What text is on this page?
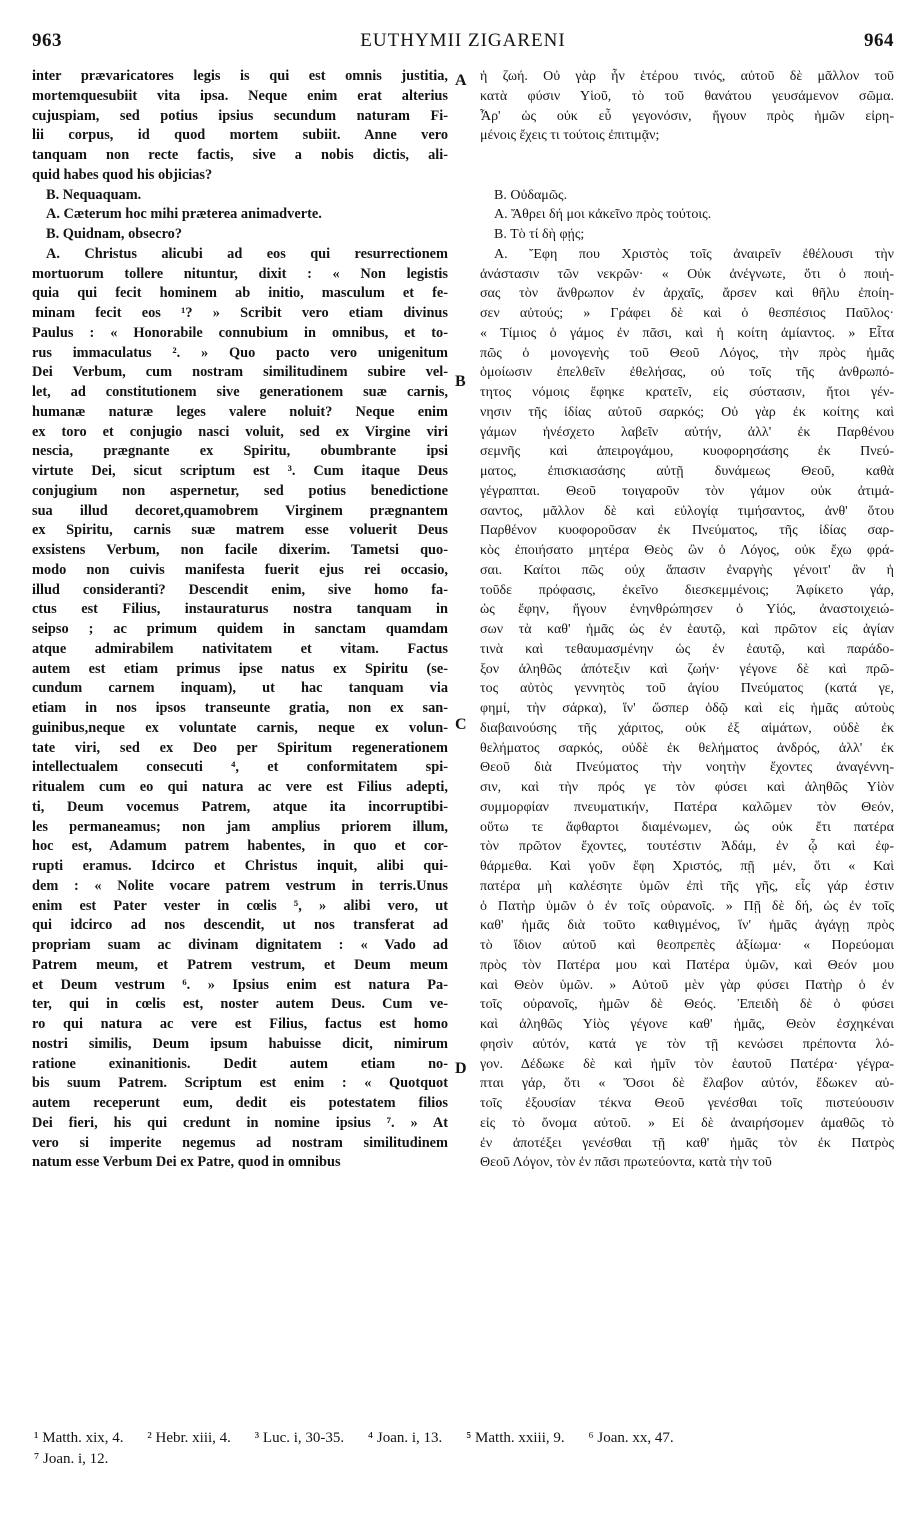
963	EUTHYMII ZIGARENI	964
inter prævaricatores legis is qui est omnis justitia,
mortemquesubiit vita ipsa. Neque enim erat alterius
cujuspiam, sed potius ipsius secundum naturam Fi-
lii corpus, id quod mortem subiit. Anne vero
tanquam non recte factis, sive a nobis dictis, ali-
quid habes quod his objicias?
B. Nequaquam.
A. Cæterum hoc mihi præterea animadverte.
B. Quidnam, obsecro?
A. Christus alicubi ad eos qui resurrectionem
mortuorum tollere nituntur, dixit : « Non legistis
quia qui fecit hominem ab initio, masculum et fe-
minam fecit eos ¹? » Scribit vero etiam divinus
Paulus : « Honorabile connubium in omnibus, et to-
rus immaculatus ². » Quo pacto vero unigenitum
Dei Verbum, cum nostram similitudinem subire vel-
let, ad constitutionem sive generationem suæ carnis,
humanæ naturæ leges valere noluit? Neque enim
ex toro et conjugio nasci voluit, sed ex Virgine viri
nescia, prægnante ex Spiritu, obumbrante ipsi
virtute Dei, sicut scriptum est ³. Cum itaque Deus
conjugium non aspernetur, sed potius benedictione
sua illud decoret,quamobrem Virginem prægnantem
ex Spiritu, carnis suæ matrem esse voluerit Deus
exsistens Verbum, non facile dixerim. Tametsi quo-
modo non cuivis manifesta fuerit ejus rei occasio,
illud consideranti? Descendit enim, sive homo fa-
ctus est Filius, instauraturus nostra tanquam in
seipso ; ac primum quidem in sanctam quamdam
atque admirabilem nativitatem et vitam. Factus
autem est etiam primus ipse natus ex Spiritu (se-
cundum carnem inquam), ut hac tanquam via
etiam in nos ipsos transeunte gratia, non ex san-
guinibus,neque ex voluntate carnis, neque ex volun-
tate viri, sed ex Deo per Spiritum regenerationem
intellectualem consecuti ⁴, et conformitatem spi-
ritualem cum eo qui natura ac vere est Filius adepti,
ti, Deum vocemus Patrem, atque ita incorruptibi-
les permaneamus; non jam amplius priorem illum,
hoc est, Adamum patrem habentes, in quo et cor-
rupti eramus. Idcirco et Christus inquit, alibi qui-
dem : « Nolite vocare patrem vestrum in terris.Unus
enim est Pater vester in cœlis ⁵, » alibi vero, ut
qui idcirco ad nos descendit, ut nos transferat ad
propriam suam ac divinam dignitatem : « Vado ad
Patrem meum, et Patrem vestrum, et Deum meum
et Deum vestrum ⁶. » Ipsius enim est natura Pa-
ter, qui in cœlis est, noster autem Deus. Cum ve-
ro qui natura ac vere est Filius, factus est homo
nostri similis, Deum ipsum habuisse dicit, nimirum
ratione exinanitionis. Dedit autem etiam no-
bis suum Patrem. Scriptum est enim : « Quotquot
autem receperunt eum, dedit eis potestatem filios
Dei fieri, his qui credunt in nomine ipsius ⁷. » At
vero si imperite negemus ad nostram similitudinem
natum esse Verbum Dei ex Patre, quod in omnibus
ἡ ζωή. Οὐ γὰρ ἦν ἑτέρου τινός, αὐτοῦ δὲ μᾶλλον τοῦ
κατὰ φύσιν Υἱοῦ, τὸ τοῦ θανάτου γευσάμενον σῶμα.
Ἆρ' ὡς οὐκ εὖ γεγονόσιν, ἤγουν πρὸς ἡμῶν εἰρη-
μένοις ἔχεις τι τούτοις ἐπιτιμᾷν;
Β. Οὐδαμῶς.
Α. Ἄθρει δή μοι κἀκεῖνο πρὸς τούτοις.
Β. Τὸ τί δὴ φῄς;
Α. Ἔφη που Χριστὸς τοῖς ἀναιρεῖν ἐθέλουσι τὴν
ἀνάστασιν τῶν νεκρῶν· « Οὐκ ἀνέγνωτε, ὅτι ὁ ποιή-
σας τὸν ἄνθρωπον ἐν ἀρχαῖς, ἄρσεν καὶ θῆλυ ἐποίη-
σεν αὐτούς; » Γράφει δὲ καὶ ὁ θεσπέσιος Παῦλος·
« Τίμιος ὁ γάμος ἐν πᾶσι, καὶ ἡ κοίτη ἀμίαντος. » Εἶτα
πῶς ὁ μονογενὴς τοῦ Θεοῦ Λόγος, τὴν πρὸς ἡμᾶς
ὁμοίωσιν ἐπελθεῖν ἐθελήσας, οὐ τοῖς τῆς ἀνθρωπό-
τητος νόμοις ἔφηκε κρατεῖν, εἰς σύστασιν, ἤτοι γέν-
νησιν τῆς ἰδίας αὐτοῦ σαρκός; Οὐ γὰρ ἐκ κοίτης καὶ
γάμων ἠνέσχετο λαβεῖν αὐτήν, ἀλλ' ἐκ Παρθένου
σεμνῆς καὶ ἀπειρογάμου, κυοφορησάσης ἐκ Πνεύ-
ματος, ἐπισκιασάσης αὐτῇ δυνάμεως Θεοῦ, καθὰ
γέγραπται. Θεοῦ τοιγαροῦν τὸν γάμον οὐκ ἀτιμά-
σαντος, μᾶλλον δὲ καὶ εὐλογίᾳ τιμήσαντος, ἀνθ' ὅτου
Παρθένον κυοφοροῦσαν ἐκ Πνεύματος, τῆς ἰδίας σαρ-
κὸς ἐποιήσατο μητέρα Θεὸς ὢν ὁ Λόγος, οὐκ ἔχω φρά-
σαι. Καίτοι πῶς οὐχ ἅπασιν ἐναργὴς γένοιτ' ἂν ἡ
τοῦδε πρόφασις, ἐκεῖνο διεσκεμμένοις; Ἀφίκετο γάρ,
ὡς ἔφην, ἤγουν ἐνηνθρώπησεν ὁ Υἱός, ἀναστοιχειώ-
σων τὰ καθ' ἡμᾶς ὡς ἐν ἑαυτῷ, καὶ πρῶτον εἰς ἁγίαν
τινὰ καὶ τεθαυμασμένην ὡς ἐν ἑαυτῷ, καὶ παράδο-
ξον ἀληθῶς ἀπότεξιν καὶ ζωήν· γέγονε δὲ καὶ πρῶ-
τος αὐτὸς γεννητὸς τοῦ ἁγίου Πνεύματος (κατά γε,
φημί, τὴν σάρκα), ἵν' ὥσπερ ὁδῷ καὶ εἰς ἡμᾶς αὐτοὺς
διαβαινούσης τῆς χάριτος, οὐκ ἐξ αἱμάτων, οὐδὲ ἐκ
θελήματος σαρκός, οὐδὲ ἐκ θελήματος ἀνδρός, ἀλλ' ἐκ
Θεοῦ διὰ Πνεύματος τὴν νοητὴν ἔχοντες ἀναγέννη-
σιν, καὶ τὴν πρός γε τὸν φύσει καὶ ἀληθῶς Υἱὸν
συμμορφίαν πνευματικήν, Πατέρα καλῶμεν τὸν Θεόν,
οὕτω τε ἄφθαρτοι διαμένωμεν, ὡς οὐκ ἔτι πατέρα
τὸν πρῶτον ἔχοντες, τουτέστιν Ἀδάμ, ἐν ᾧ καὶ ἐφ-
θάρμεθα. Καὶ γοῦν ἔφη Χριστός, πῇ μέν, ὅτι « Καὶ
πατέρα μὴ καλέσητε ὑμῶν ἐπὶ τῆς γῆς, εἷς γάρ ἐστιν
ὁ Πατὴρ ὑμῶν ὁ ἐν τοῖς οὐρανοῖς. » Πῇ δὲ δή, ὡς ἐν τοῖς
καθ' ἡμᾶς διὰ τοῦτο καθιγμένος, ἵν' ἡμᾶς ἀγάγῃ πρὸς
τὸ ἴδιον αὐτοῦ καὶ θεοπρεπὲς ἀξίωμα· « Πορεύομαι
πρὸς τὸν Πατέρα μου καὶ Πατέρα ὑμῶν, καὶ Θεόν μου
καὶ Θεὸν ὑμῶν. » Αὐτοῦ μὲν γὰρ φύσει Πατὴρ ὁ ἐν
τοῖς οὐρανοῖς, ἡμῶν δὲ Θεός. Ἐπειδὴ δὲ ὁ φύσει
καὶ ἀληθῶς Υἱὸς γέγονε καθ' ἡμᾶς, Θεὸν ἐσχηκέναι
φησὶν αὐτόν, κατά γε τὸν τῇ κενώσει πρέποντα λό-
γον. Δέδωκε δὲ καὶ ἡμῖν τὸν ἑαυτοῦ Πατέρα· γέγρα-
πται γάρ, ὅτι « Ὅσοι δὲ ἔλαβον αὐτόν, ἔδωκεν αὐ-
τοῖς ἐξουσίαν τέκνα Θεοῦ γενέσθαι τοῖς πιστεύουσιν
εἰς τὸ ὄνομα αὐτοῦ. » Εἰ δὲ ἀναιρήσομεν ἀμαθῶς τὸ
ἐν ἀποτέξει γενέσθαι τῇ καθ' ἡμᾶς τὸν ἐκ Πατρὸς
Θεοῦ Λόγον, τὸν ἐν πᾶσι πρωτεύοντα, κατὰ τὴν τοῦ
A
B
C
D
¹ Matth. xix, 4. ² Hebr. xiii, 4. ³ Luc. i, 30-35. ⁴ Joan. i, 13. ⁵ Matth. xxiii, 9. ⁶ Joan. xx, 47.
⁷ Joan. i, 12.
